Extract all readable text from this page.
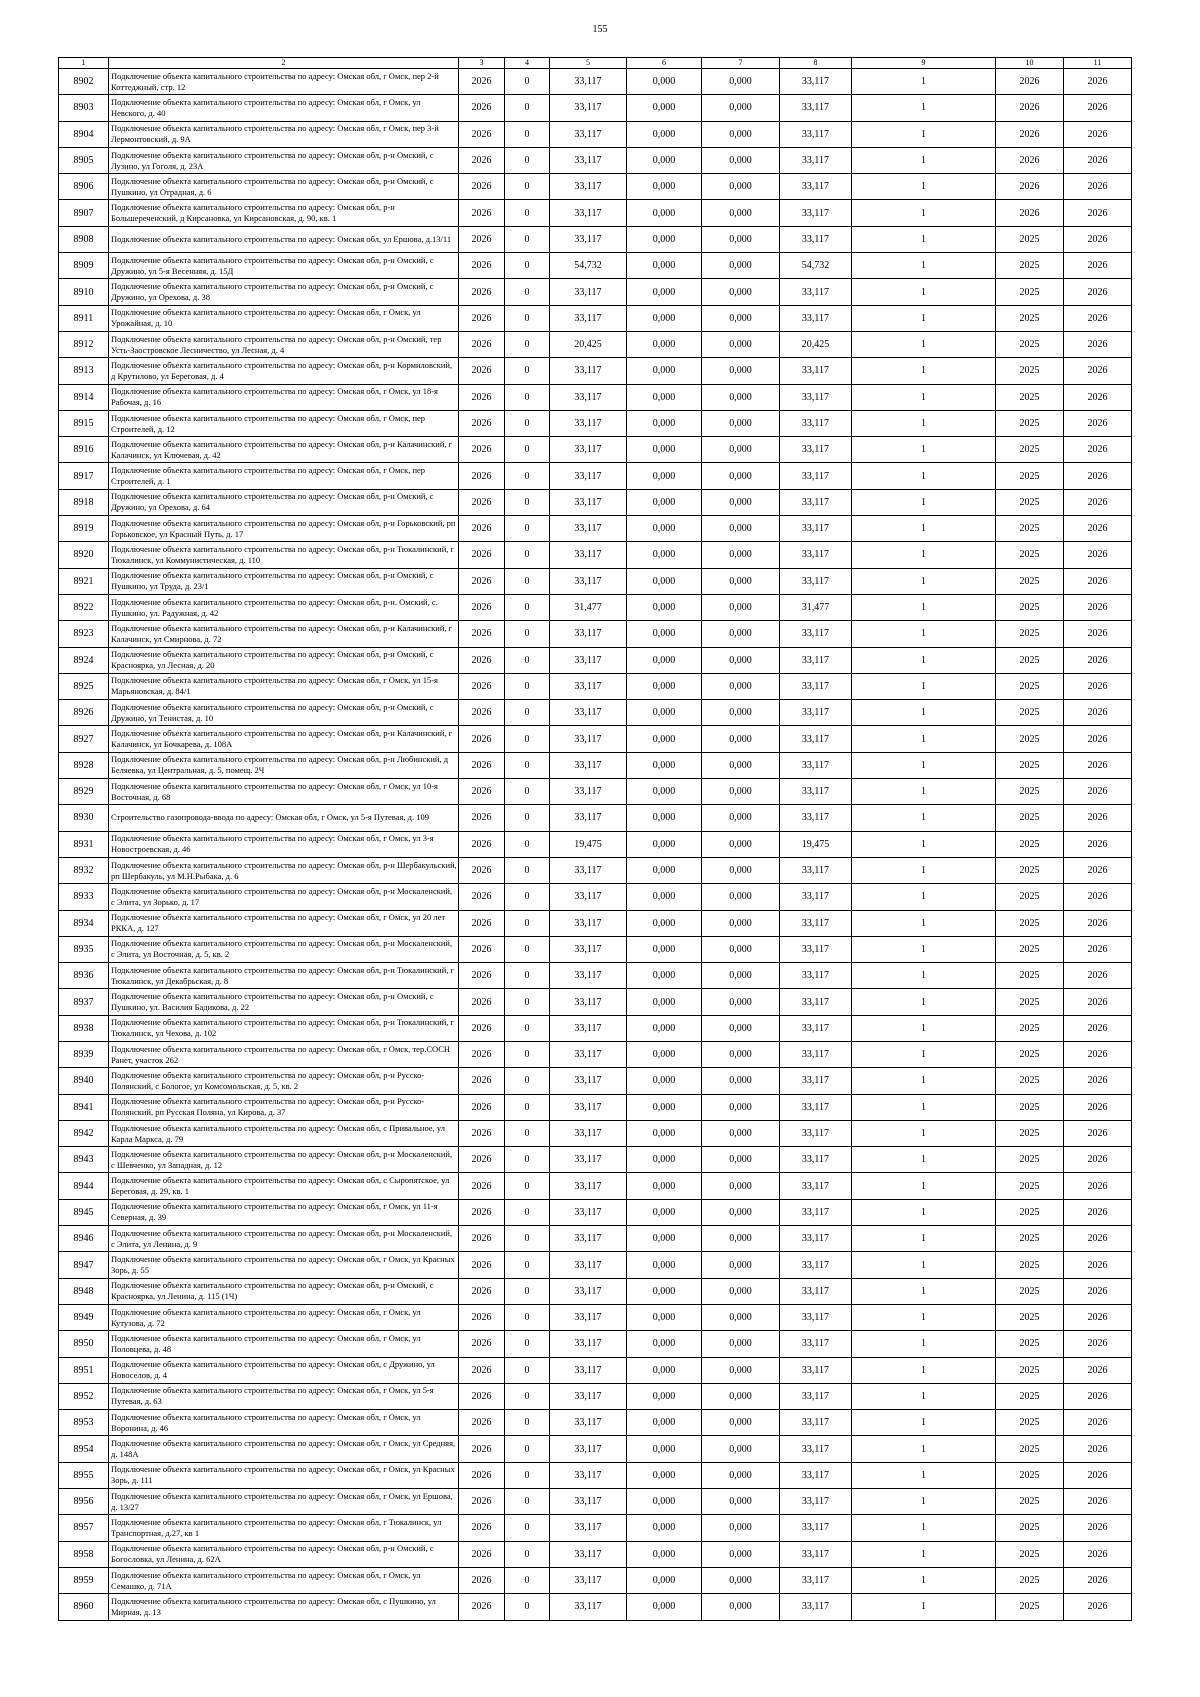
155
1	2	3	4	5	6	7	8	9	10	11
8902	Подключение объекта капитального строительства по адресу: Омская обл, г Омск, пер 2-й Коттеджный, стр. 12	2026	0	33,117	0,000	0,000	33,117	1	2026	2026
8903	Подключение объекта капитального строительства по адресу: Омская обл, г Омск, ул Невского, д. 40	2026	0	33,117	0,000	0,000	33,117	1	2026	2026
8904	Подключение объекта капитального строительства по адресу: Омская обл, г Омск, пер 3-й Лермонтовский, д. 9А	2026	0	33,117	0,000	0,000	33,117	1	2026	2026
8905	Подключение объекта капитального строительства по адресу: Омская обл, р-н Омский, с Лузино, ул Гоголя, д. 23А	2026	0	33,117	0,000	0,000	33,117	1	2026	2026
8906	Подключение объекта капитального строительства по адресу: Омская обл, р-н Омский, с Пушкино, ул Отрадная, д. 6	2026	0	33,117	0,000	0,000	33,117	1	2026	2026
8907	Подключение объекта капитального строительства по адресу: Омская обл, р-н Большереченский, д Кирсановка, ул Кирсановская, д. 90, кв. 1	2026	0	33,117	0,000	0,000	33,117	1	2026	2026
8908	Подключение объекта капитального строительства по адресу: Омская обл, ул Ершова, д.13/11	2026	0	33,117	0,000	0,000	33,117	1	2025	2026
8909	Подключение объекта капитального строительства по адресу: Омская обл, р-н Омский, с Дружино, ул 5-я Весенняя, д. 15Д	2026	0	54,732	0,000	0,000	54,732	1	2025	2026
8910	Подключение объекта капитального строительства по адресу: Омская обл, р-н Омский, с Дружино, ул Орехова, д. 38	2026	0	33,117	0,000	0,000	33,117	1	2025	2026
8911	Подключение объекта капитального строительства по адресу: Омская обл, г Омск, ул Урожайная, д. 10	2026	0	33,117	0,000	0,000	33,117	1	2025	2026
8912	Подключение объекта капитального строительства по адресу: Омская обл, р-н Омский, тер Усть-Заостровское Лесничество, ул Лесная, д. 4	2026	0	20,425	0,000	0,000	20,425	1	2025	2026
8913	Подключение объекта капитального строительства по адресу: Омская обл, р-н Кормиловский, д Крутилово, ул Береговая, д. 4	2026	0	33,117	0,000	0,000	33,117	1	2025	2026
8914	Подключение объекта капитального строительства по адресу: Омская обл, г Омск, ул 18-я Рабочая, д. 16	2026	0	33,117	0,000	0,000	33,117	1	2025	2026
8915	Подключение объекта капитального строительства по адресу: Омская обл, г Омск, пер Строителей, д. 12	2026	0	33,117	0,000	0,000	33,117	1	2025	2026
8916	Подключение объекта капитального строительства по адресу: Омская обл, р-н Калачинский, г Калачинск, ул Ключевая, д. 42	2026	0	33,117	0,000	0,000	33,117	1	2025	2026
8917	Подключение объекта капитального строительства по адресу: Омская обл, г Омск, пер Строителей, д. 1	2026	0	33,117	0,000	0,000	33,117	1	2025	2026
8918	Подключение объекта капитального строительства по адресу: Омская обл, р-н Омский, с Дружино, ул Орехова, д. 64	2026	0	33,117	0,000	0,000	33,117	1	2025	2026
8919	Подключение объекта капитального строительства по адресу: Омская обл, р-н Горьковский, рп Горьковское, ул Красный Путь, д. 17	2026	0	33,117	0,000	0,000	33,117	1	2025	2026
8920	Подключение объекта капитального строительства по адресу: Омская обл, р-н Тюкалинский, г Тюкалинск, ул Коммунистическая, д. 110	2026	0	33,117	0,000	0,000	33,117	1	2025	2026
8921	Подключение объекта капитального строительства по адресу: Омская обл, р-н Омский, с Пушкино, ул Труда, д. 23/1	2026	0	33,117	0,000	0,000	33,117	1	2025	2026
8922	Подключение объекта капитального строительства по адресу: Омская обл, р-н. Омский, с. Пушкино, ул. Радужная, д. 42	2026	0	31,477	0,000	0,000	31,477	1	2025	2026
8923	Подключение объекта капитального строительства по адресу: Омская обл, р-н Калачинский, г Калачинск, ул Смирнова, д. 72	2026	0	33,117	0,000	0,000	33,117	1	2025	2026
8924	Подключение объекта капитального строительства по адресу: Омская обл, р-н Омский, с Красноярка, ул Лесная, д. 20	2026	0	33,117	0,000	0,000	33,117	1	2025	2026
8925	Подключение объекта капитального строительства по адресу: Омская обл, г Омск, ул 15-я Марьяновская, д. 84/1	2026	0	33,117	0,000	0,000	33,117	1	2025	2026
8926	Подключение объекта капитального строительства по адресу: Омская обл, р-н Омский, с Дружино, ул Тенистая, д. 10	2026	0	33,117	0,000	0,000	33,117	1	2025	2026
8927	Подключение объекта капитального строительства по адресу: Омская обл, р-н Калачинский, г Калачинск, ул Бочкарева, д. 108А	2026	0	33,117	0,000	0,000	33,117	1	2025	2026
8928	Подключение объекта капитального строительства по адресу: Омская обл, р-н Любинский, д Беляевка, ул Центральная, д. 5, помещ. 2Ч	2026	0	33,117	0,000	0,000	33,117	1	2025	2026
8929	Подключение объекта капитального строительства по адресу: Омская обл, г Омск, ул 10-я Восточная, д. 68	2026	0	33,117	0,000	0,000	33,117	1	2025	2026
8930	Строительство газопровода-ввода по адресу: Омская обл, г Омск, ул 5-я Путевая, д. 109	2026	0	33,117	0,000	0,000	33,117	1	2025	2026
8931	Подключение объекта капитального строительства по адресу: Омская обл, г Омск, ул 3-я Новостроевская, д. 46	2026	0	19,475	0,000	0,000	19,475	1	2025	2026
8932	Подключение объекта капитального строительства по адресу: Омская обл, р-н Шербакульский, рп Шербакуль, ул М.Н.Рыбака, д. 6	2026	0	33,117	0,000	0,000	33,117	1	2025	2026
8933	Подключение объекта капитального строительства по адресу: Омская обл, р-н Москаленский, с Элита, ул Зорько, д. 17	2026	0	33,117	0,000	0,000	33,117	1	2025	2026
8934	Подключение объекта капитального строительства по адресу: Омская обл, г Омск, ул 20 лет РККА, д. 127	2026	0	33,117	0,000	0,000	33,117	1	2025	2026
8935	Подключение объекта капитального строительства по адресу: Омская обл, р-н Москаленский, с Элита, ул Восточная, д. 5, кв. 2	2026	0	33,117	0,000	0,000	33,117	1	2025	2026
8936	Подключение объекта капитального строительства по адресу: Омская обл, р-н Тюкалинский, г Тюкалинск, ул Декабрьская, д. 8	2026	0	33,117	0,000	0,000	33,117	1	2025	2026
8937	Подключение объекта капитального строительства по адресу: Омская обл, р-н Омский, с Пушкино, ул. Василия Бадикова, д. 22	2026	0	33,117	0,000	0,000	33,117	1	2025	2026
8938	Подключение объекта капитального строительства по адресу: Омская обл, р-н Тюкалинский, г Тюкалинск, ул Чехова, д. 102	2026	0	33,117	0,000	0,000	33,117	1	2025	2026
8939	Подключение объекта капитального строительства по адресу: Омская обл, г Омск, тер.СОСН Ранет, участок 262	2026	0	33,117	0,000	0,000	33,117	1	2025	2026
8940	Подключение объекта капитального строительства по адресу: Омская обл, р-н Русско-Полянский, с Бологое, ул Комсомольская, д. 5, кв. 2	2026	0	33,117	0,000	0,000	33,117	1	2025	2026
8941	Подключение объекта капитального строительства по адресу: Омская обл, р-н Русско-Полянский, рп Русская Поляна, ул Кирова, д. 37	2026	0	33,117	0,000	0,000	33,117	1	2025	2026
8942	Подключение объекта капитального строительства по адресу: Омская обл, с Привальное, ул Карла Маркса, д. 79	2026	0	33,117	0,000	0,000	33,117	1	2025	2026
8943	Подключение объекта капитального строительства по адресу: Омская обл, р-н Москаленский, с Шевченко, ул Западная, д. 12	2026	0	33,117	0,000	0,000	33,117	1	2025	2026
8944	Подключение объекта капитального строительства по адресу: Омская обл, с Сыропятское, ул Береговая, д. 29, кв. 1	2026	0	33,117	0,000	0,000	33,117	1	2025	2026
8945	Подключение объекта капитального строительства по адресу: Омская обл, г Омск, ул 11-я Северная, д. 39	2026	0	33,117	0,000	0,000	33,117	1	2025	2026
8946	Подключение объекта капитального строительства по адресу: Омская обл, р-н Москаленский, с Элита, ул Ленина, д. 9	2026	0	33,117	0,000	0,000	33,117	1	2025	2026
8947	Подключение объекта капитального строительства по адресу: Омская обл, г Омск, ул Красных Зорь, д. 55	2026	0	33,117	0,000	0,000	33,117	1	2025	2026
8948	Подключение объекта капитального строительства по адресу: Омская обл, р-н Омский, с Красноярка, ул Ленина, д. 115 (1Ч)	2026	0	33,117	0,000	0,000	33,117	1	2025	2026
8949	Подключение объекта капитального строительства по адресу: Омская обл, г Омск, ул Кутузова, д. 72	2026	0	33,117	0,000	0,000	33,117	1	2025	2026
8950	Подключение объекта капитального строительства по адресу: Омская обл, г Омск, ул Половцева, д. 48	2026	0	33,117	0,000	0,000	33,117	1	2025	2026
8951	Подключение объекта капитального строительства по адресу: Омская обл, с Дружино, ул Новоселов, д. 4	2026	0	33,117	0,000	0,000	33,117	1	2025	2026
8952	Подключение объекта капитального строительства по адресу: Омская обл, г Омск, ул 5-я Путевая, д. 63	2026	0	33,117	0,000	0,000	33,117	1	2025	2026
8953	Подключение объекта капитального строительства по адресу: Омская обл, г Омск, ул Воронина, д. 46	2026	0	33,117	0,000	0,000	33,117	1	2025	2026
8954	Подключение объекта капитального строительства по адресу: Омская обл, г Омск, ул Средняя, д. 148А	2026	0	33,117	0,000	0,000	33,117	1	2025	2026
8955	Подключение объекта капитального строительства по адресу: Омская обл, г Омск, ул Красных Зорь, д. 111	2026	0	33,117	0,000	0,000	33,117	1	2025	2026
8956	Подключение объекта капитального строительства по адресу: Омская обл, г Омск, ул Ершова, д. 13/27	2026	0	33,117	0,000	0,000	33,117	1	2025	2026
8957	Подключение объекта капитального строительства по адресу: Омская обл, г Тюкалинск, ул Транспортная, д.27, кв 1	2026	0	33,117	0,000	0,000	33,117	1	2025	2026
8958	Подключение объекта капитального строительства по адресу: Омская обл, р-н Омский, с Богословка, ул Ленина, д. 62А	2026	0	33,117	0,000	0,000	33,117	1	2025	2026
8959	Подключение объекта капитального строительства по адресу: Омская обл, г Омск, ул Семашко, д. 71А	2026	0	33,117	0,000	0,000	33,117	1	2025	2026
8960	Подключение объекта капитального строительства по адресу: Омская обл, с Пушкино, ул Мирная, д. 13	2026	0	33,117	0,000	0,000	33,117	1	2025	2026
